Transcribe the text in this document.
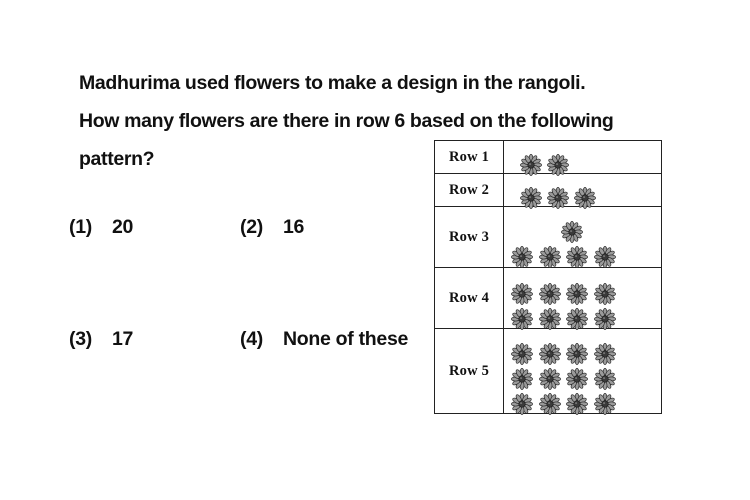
Madhurima used flowers to make a design in the rangoli.
How many flowers are there in row 6 based on the following
pattern?
(1) 20	(2) 16
(3) 17	(4) None of these
Row 1	

Row 2	

Row 3	

Row 4	

Row 5	
